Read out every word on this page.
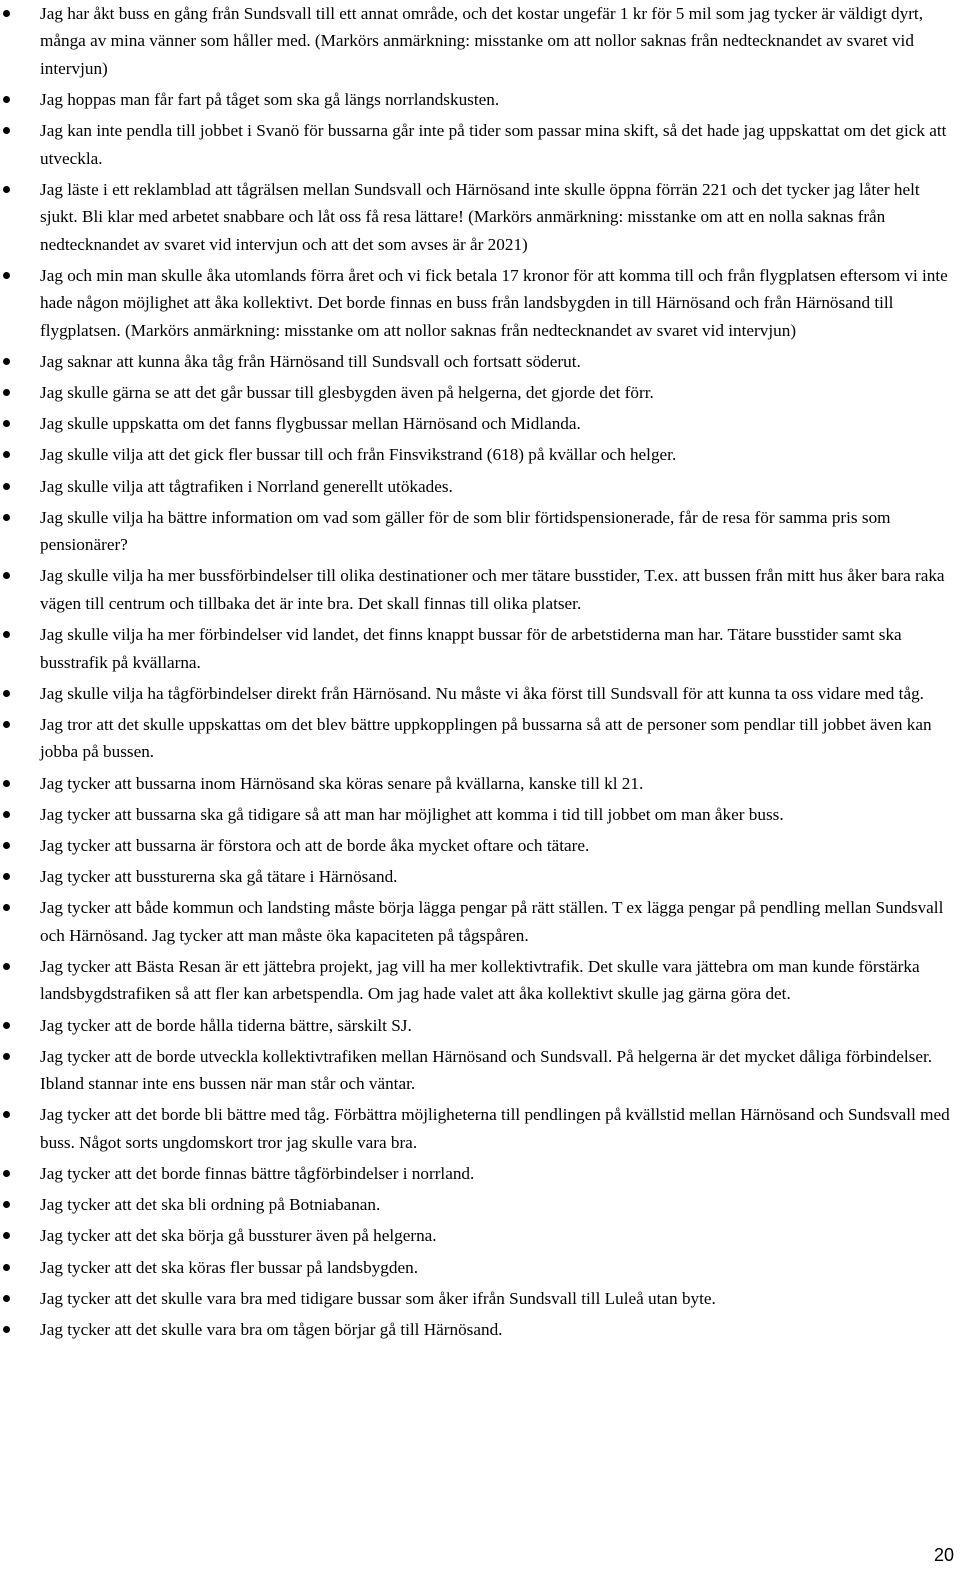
Jag har åkt buss en gång från Sundsvall till ett annat område, och det kostar ungefär 1 kr för 5 mil som jag tycker är väldigt dyrt, många av mina vänner som håller med. (Markörs anmärkning: misstanke om att nollor saknas från nedtecknandet av svaret vid intervjun)
Jag hoppas man får fart på tåget som ska gå längs norrlandskusten.
Jag kan inte pendla till jobbet i Svanö för bussarna går inte på tider som passar mina skift, så det hade jag uppskattat om det gick att utveckla.
Jag läste i ett reklamblad att tågrälsen mellan Sundsvall och Härnösand inte skulle öppna förrän 221 och det tycker jag låter helt sjukt. Bli klar med arbetet snabbare och låt oss få resa lättare! (Markörs anmärkning: misstanke om att en nolla saknas från nedtecknandet av svaret vid intervjun och att det som avses är år 2021)
Jag och min man skulle åka utomlands förra året och vi fick betala 17 kronor för att komma till och från flygplatsen eftersom vi inte hade någon möjlighet att åka kollektivt. Det borde finnas en buss från landsbygden in till Härnösand och från Härnösand till flygplatsen. (Markörs anmärkning: misstanke om att nollor saknas från nedtecknandet av svaret vid intervjun)
Jag saknar att kunna åka tåg från Härnösand till Sundsvall och fortsatt söderut.
Jag skulle gärna se att det går bussar till glesbygden även på helgerna, det gjorde det förr.
Jag skulle uppskatta om det fanns flygbussar mellan Härnösand och Midlanda.
Jag skulle vilja att det gick fler bussar till och från Finsvikstrand (618) på kvällar och helger.
Jag skulle vilja att tågtrafiken i Norrland generellt utökades.
Jag skulle vilja ha bättre information om vad som gäller för de som blir förtidspensionerade, får de resa för samma pris som pensionärer?
Jag skulle vilja ha mer bussförbindelser till olika destinationer och mer tätare busstider, T.ex. att bussen från mitt hus åker bara raka vägen till centrum och tillbaka det är inte bra. Det skall finnas till olika platser.
Jag skulle vilja ha mer förbindelser vid landet, det finns knappt bussar för de arbetstiderna man har. Tätare busstider samt ska busstrafik på kvällarna.
Jag skulle vilja ha tågförbindelser direkt från Härnösand. Nu måste vi åka först till Sundsvall för att kunna ta oss vidare med tåg.
Jag tror att det skulle uppskattas om det blev bättre uppkopplingen på bussarna så att de personer som pendlar till jobbet även kan jobba på bussen.
Jag tycker att bussarna inom Härnösand ska köras senare på kvällarna, kanske till kl 21.
Jag tycker att bussarna ska gå tidigare så att man har möjlighet att komma i tid till jobbet om man åker buss.
Jag tycker att bussarna är förstora och att de borde åka mycket oftare och tätare.
Jag tycker att bussturerna ska gå tätare i Härnösand.
Jag tycker att både kommun och landsting måste börja lägga pengar på rätt ställen. T ex lägga pengar på pendling mellan Sundsvall och Härnösand. Jag tycker att man måste öka kapaciteten på tågspåren.
Jag tycker att Bästa Resan är ett jättebra projekt, jag vill ha mer kollektivtrafik. Det skulle vara jättebra om man kunde förstärka landsbygdstrafiken så att fler kan arbetspendla. Om jag hade valet att åka kollektivt skulle jag gärna göra det.
Jag tycker att de borde hålla tiderna bättre, särskilt SJ.
Jag tycker att de borde utveckla kollektivtrafiken mellan Härnösand och Sundsvall. På helgerna är det mycket dåliga förbindelser. Ibland stannar inte ens bussen när man står och väntar.
Jag tycker att det borde bli bättre med tåg. Förbättra möjligheterna till pendlingen på kvällstid mellan Härnösand och Sundsvall med buss. Något sorts ungdomskort tror jag skulle vara bra.
Jag tycker att det borde finnas bättre tågförbindelser i norrland.
Jag tycker att det ska bli ordning på Botniabanan.
Jag tycker att det ska börja gå bussturer även på helgerna.
Jag tycker att det ska köras fler bussar på landsbygden.
Jag tycker att det skulle vara bra med tidigare bussar som åker ifrån Sundsvall till Luleå utan byte.
Jag tycker att det skulle vara bra om tågen börjar gå till Härnösand.
20
